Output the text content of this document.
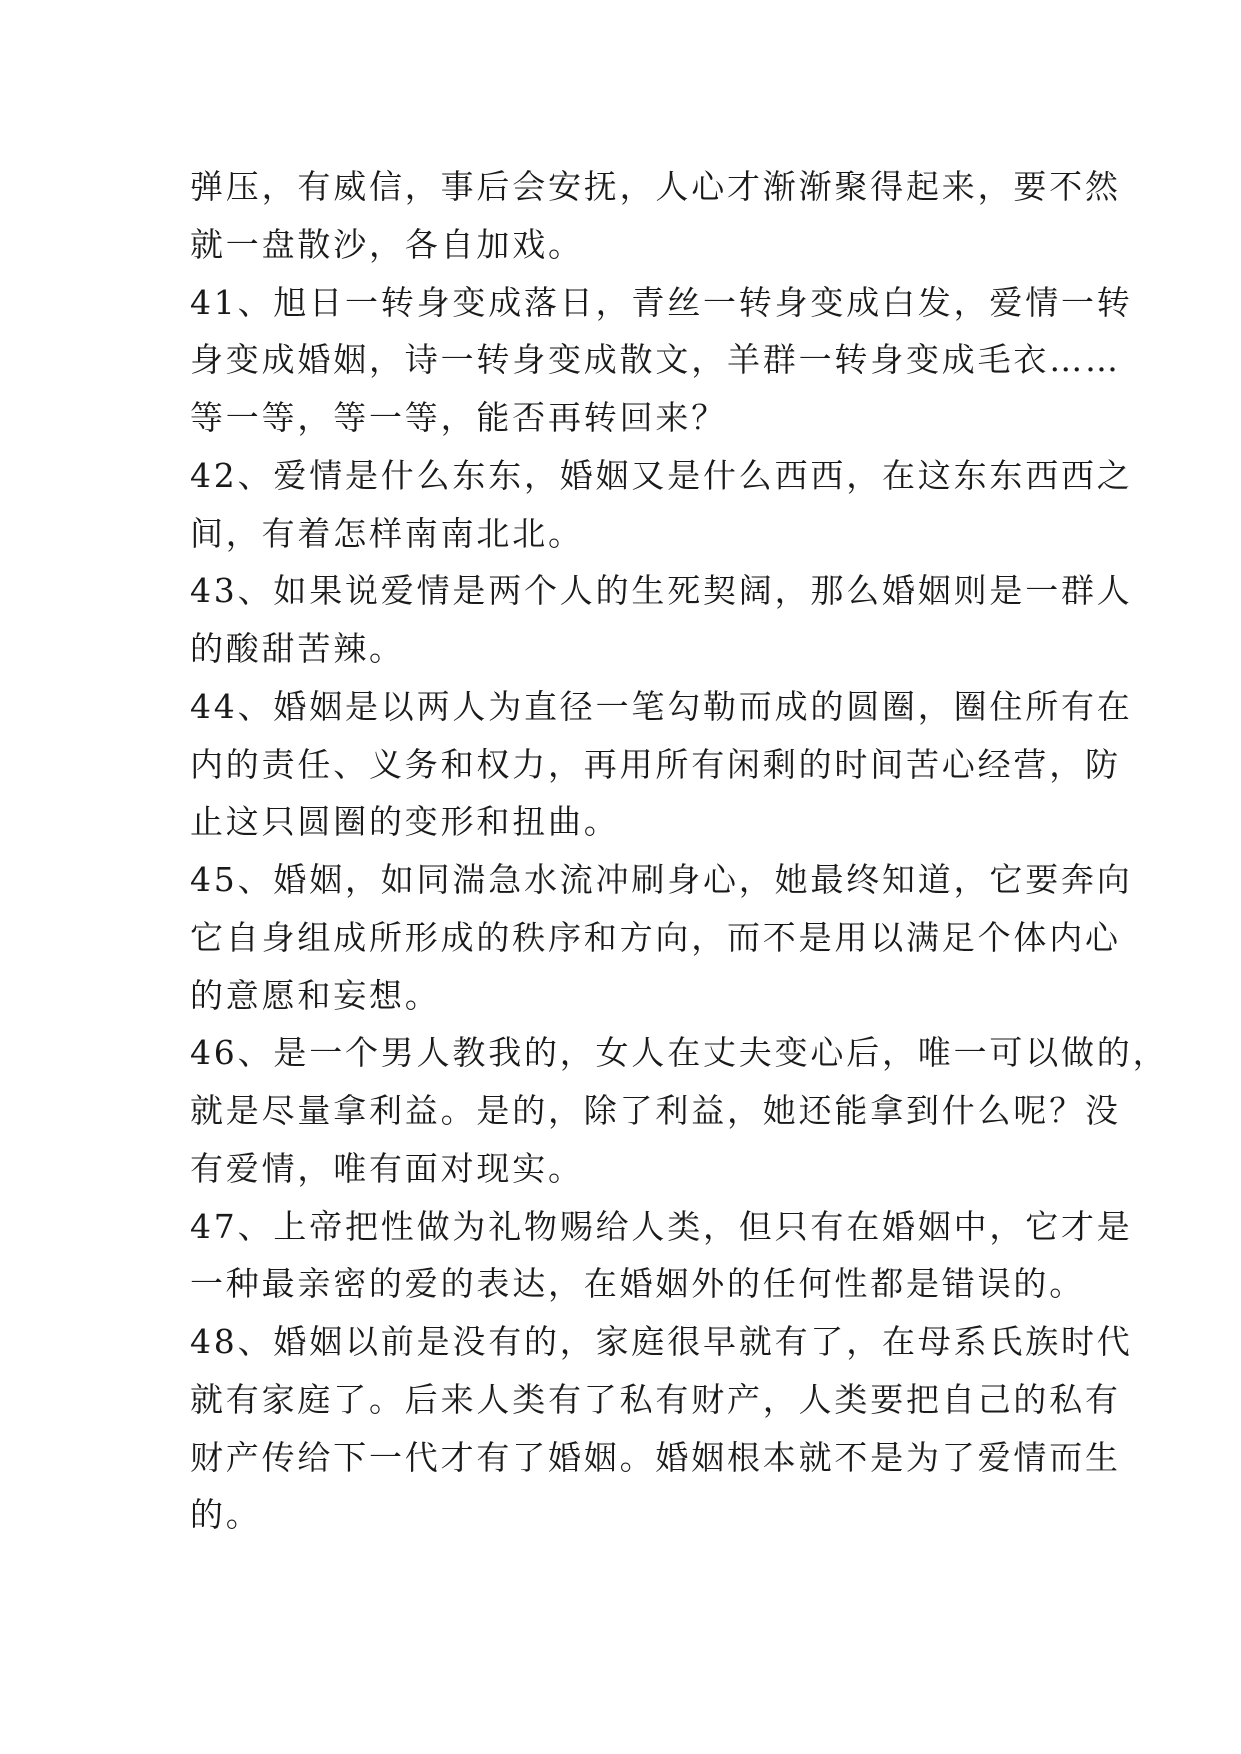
弹压，有威信，事后会安抚，人心才渐渐聚得起来，要不然
就一盘散沙，各自加戏。
41、旭日一转身变成落日，青丝一转身变成白发，爱情一转
身变成婚姻，诗一转身变成散文，羊群一转身变成毛衣……
等一等，等一等，能否再转回来？
42、爱情是什么东东，婚姻又是什么西西，在这东东西西之
间，有着怎样南南北北。
43、如果说爱情是两个人的生死契阔，那么婚姻则是一群人
的酸甜苦辣。
44、婚姻是以两人为直径一笔勾勒而成的圆圈，圈住所有在
内的责任、义务和权力，再用所有闲剩的时间苦心经营，防
止这只圆圈的变形和扭曲。
45、婚姻，如同湍急水流冲刷身心，她最终知道，它要奔向
它自身组成所形成的秩序和方向，而不是用以满足个体内心
的意愿和妄想。
46、是一个男人教我的，女人在丈夫变心后，唯一可以做的，
就是尽量拿利益。是的，除了利益，她还能拿到什么呢？没
有爱情，唯有面对现实。
47、上帝把性做为礼物赐给人类，但只有在婚姻中，它才是
一种最亲密的爱的表达，在婚姻外的任何性都是错误的。
48、婚姻以前是没有的，家庭很早就有了，在母系氏族时代
就有家庭了。后来人类有了私有财产，人类要把自己的私有
财产传给下一代才有了婚姻。婚姻根本就不是为了爱情而生
的。
